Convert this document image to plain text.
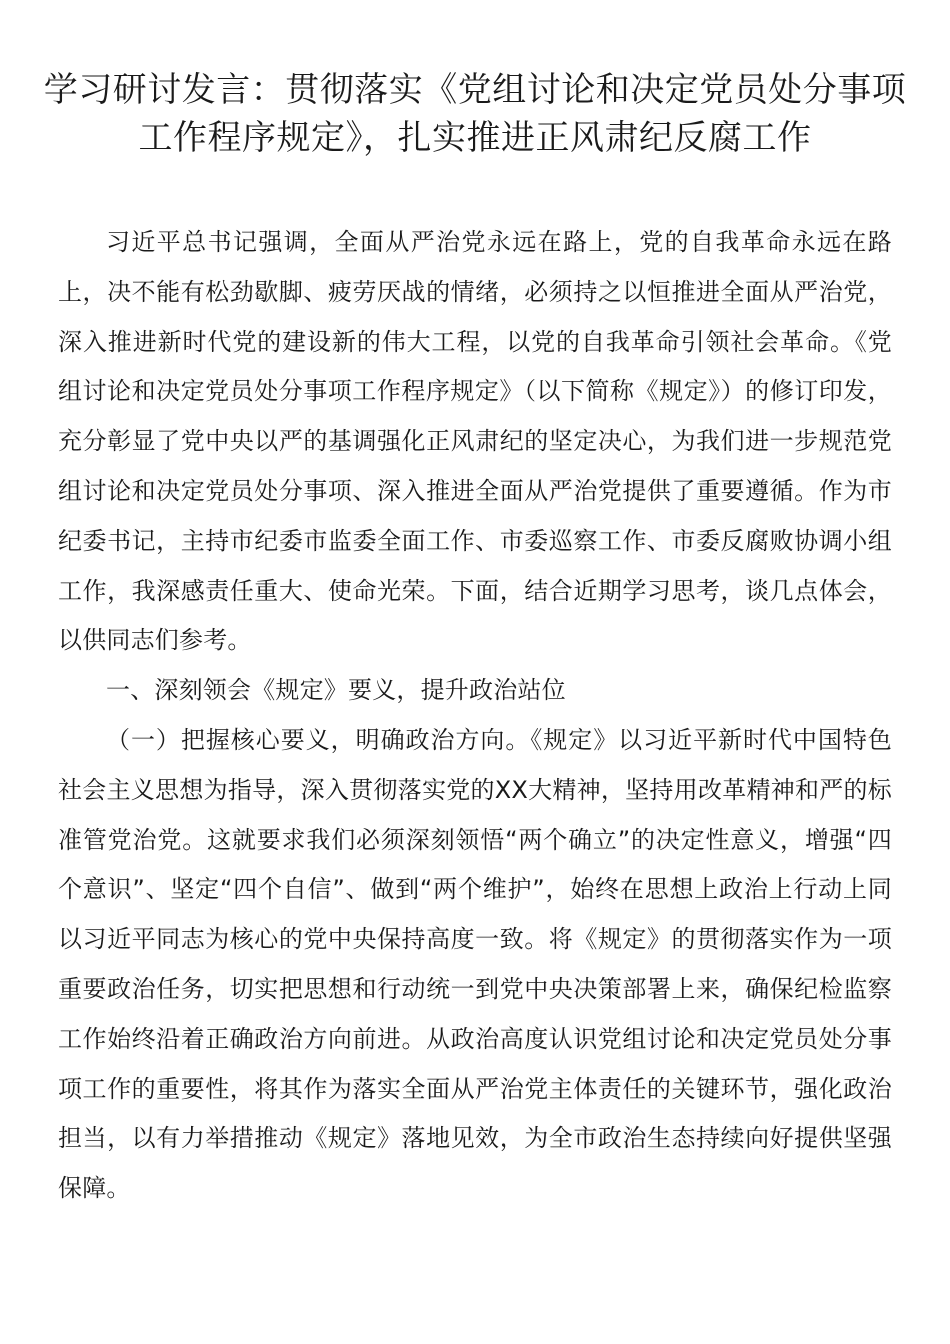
学习研讨发言：贯彻落实《党组讨论和决定党员处分事项工作程序规定》，扎实推进正风肃纪反腐工作

习近平总书记强调，全面从严治党永远在路上，党的自我革命永远在路上，决不能有松劲歇脚、疲劳厌战的情绪，必须持之以恒推进全面从严治党，深入推进新时代党的建设新的伟大工程，以党的自我革命引领社会革命。《党组讨论和决定党员处分事项工作程序规定》（以下简称《规定》）的修订印发，充分彰显了党中央以严的基调强化正风肃纪的坚定决心，为我们进一步规范党组讨论和决定党员处分事项、深入推进全面从严治党提供了重要遵循。作为市纪委书记，主持市纪委市监委全面工作、市委巡察工作、市委反腐败协调小组工作，我深感责任重大、使命光荣。下面，结合近期学习思考，谈几点体会，以供同志们参考。

一、深刻领会《规定》要义，提升政治站位

（一）把握核心要义，明确政治方向。《规定》以习近平新时代中国特色社会主义思想为指导，深入贯彻落实党的XX大精神，坚持用改革精神和严的标准管党治党。这就要求我们必须深刻领悟“两个确立”的决定性意义，增强“四个意识”、坚定“四个自信”、做到“两个维护”，始终在思想上政治上行动上同以习近平同志为核心的党中央保持高度一致。将《规定》的贯彻落实作为一项重要政治任务，切实把思想和行动统一到党中央决策部署上来，确保纪检监察工作始终沿着正确政治方向前进。从政治高度认识党组讨论和决定党员处分事项工作的重要性，将其作为落实全面从严治党主体责任的关键环节，强化政治担当，以有力举措推动《规定》落地见效，为全市政治生态持续向好提供坚强保障。
